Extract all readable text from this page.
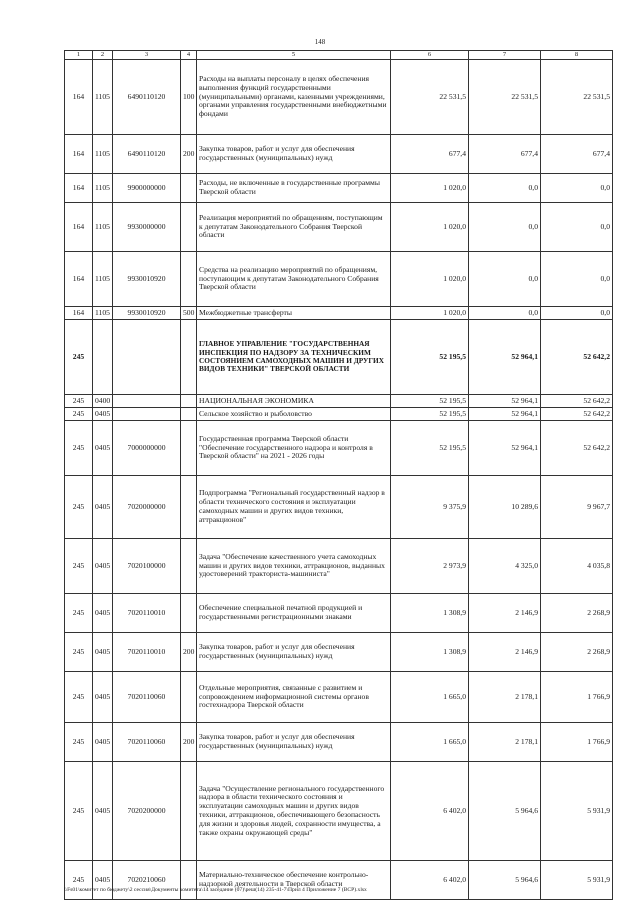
148
1	2	3	4	5	6	7	8
164	1105	6490110120	100	Расходы на выплаты персоналу в целях обеспечения выполнения функций государственными (муниципальными) органами, казенными учреждениями, органами управления государственными внебюджетными фондами	22 531,5	22 531,5	22 531,5
164	1105	6490110120	200	Закупка товаров, работ и услуг для обеспечения государственных (муниципальных) нужд	677,4	677,4	677,4
164	1105	9900000000		Расходы, не включенные в государственные программы Тверской области	1 020,0	0,0	0,0
164	1105	9930000000		Реализация мероприятий по обращениям, поступающим к депутатам Законодательного Собрания Тверской области	1 020,0	0,0	0,0
164	1105	9930010920		Средства на реализацию мероприятий по обращениям, поступающим к депутатам Законодательного Собрания Тверской области	1 020,0	0,0	0,0
164	1105	9930010920	500	Межбюджетные трансферты	1 020,0	0,0	0,0
245				ГЛАВНОЕ УПРАВЛЕНИЕ "ГОСУДАРСТВЕННАЯ ИНСПЕКЦИЯ ПО НАДЗОРУ ЗА ТЕХНИЧЕСКИМ СОСТОЯНИЕМ САМОХОДНЫХ МАШИН И ДРУГИХ ВИДОВ ТЕХНИКИ" ТВЕРСКОЙ ОБЛАСТИ	52 195,5	52 964,1	52 642,2
245	0400			НАЦИОНАЛЬНАЯ ЭКОНОМИКА	52 195,5	52 964,1	52 642,2
245	0405			Сельское хозяйство и рыболовство	52 195,5	52 964,1	52 642,2
245	0405	7000000000		Государственная программа Тверской области "Обеспечение государственного надзора и контроля в Тверской области" на 2021 - 2026 годы	52 195,5	52 964,1	52 642,2
245	0405	7020000000		Подпрограмма "Региональный государственный надзор в области технического состояния и эксплуатации самоходных машин и других видов техники, аттракционов"	9 375,9	10 289,6	9 967,7
245	0405	7020100000		Задача "Обеспечение качественного учета самоходных машин и других видов техники, аттракционов, выданных удостоверений тракториста-машиниста"	2 973,9	4 325,0	4 035,8
245	0405	7020110010		Обеспечение специальной печатной продукцией и государственными регистрационными знаками	1 308,9	2 146,9	2 268,9
245	0405	7020110010	200	Закупка товаров, работ и услуг для обеспечения государственных (муниципальных) нужд	1 308,9	2 146,9	2 268,9
245	0405	7020110060		Отдельные мероприятия, связанные с развитием и сопровождением информационной системы органов гостехнадзора Тверской области	1 665,0	2 178,1	1 766,9
245	0405	7020110060	200	Закупка товаров, работ и услуг для обеспечения государственных (муниципальных) нужд	1 665,0	2 178,1	1 766,9
245	0405	7020200000		Задача "Осуществление регионального государственного надзора в области технического состояния и эксплуатации самоходных машин и других видов техники, аттракционов, обеспечивающего безопасность для жизни и здоровья людей, сохранности имущества, а также охраны окружающей среды"	6 402,0	5 964,6	5 931,9
245	0405	7020210060		Материально-техническое обеспечение контрольно-надзорной деятельности в Тверской области	6 402,0	5 964,6	5 931,9
\\Fs01\комитет по бюджету\2 сессия\Документы комитета\14 заседание (07)\реш(14) 235-41-7\Прил 4 Приложение 7 (ВСР).xlsx
